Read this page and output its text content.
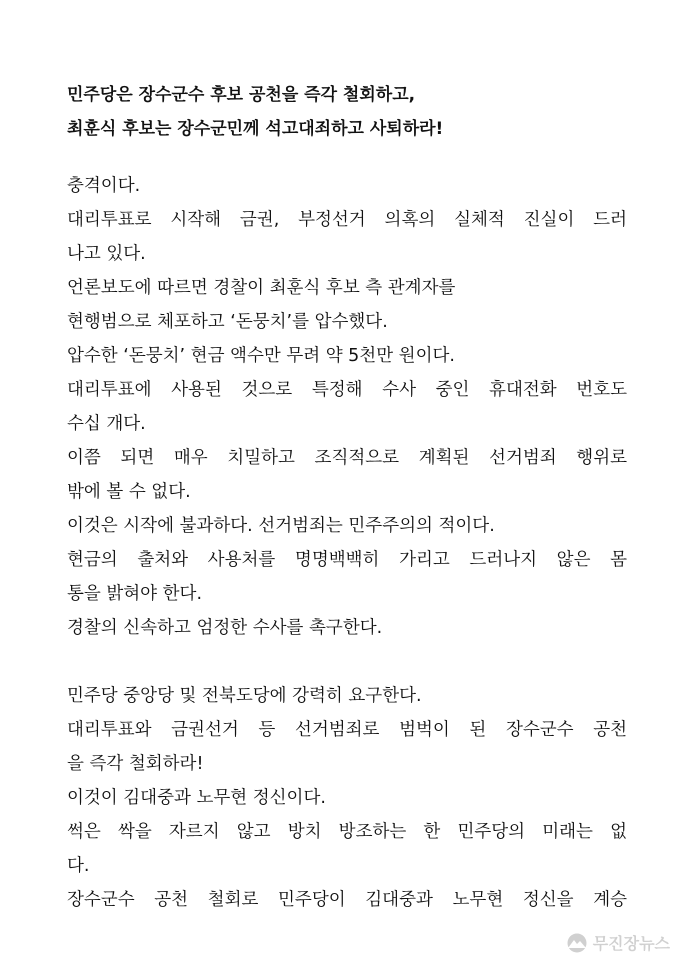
민주당은 장수군수 후보 공천을 즉각 철회하고,
최훈식 후보는 장수군민께 석고대죄하고 사퇴하라!
충격이다.
대리투표로 시작해 금권, 부정선거 의혹의 실체적 진실이 드러
나고 있다.
언론보도에 따르면 경찰이 최훈식 후보 측 관계자를
현행범으로 체포하고 ‘돈뭉치’를 압수했다.
압수한 ‘돈뭉치’ 현금 액수만 무려 약 5천만 원이다.
대리투표에 사용된 것으로 특정해 수사 중인 휴대전화 번호도
수십 개다.
이쯤 되면 매우 치밀하고 조직적으로 계획된 선거범죄 행위로
밖에 볼 수 없다.
이것은 시작에 불과하다. 선거범죄는 민주주의의 적이다.
현금의 출처와 사용처를 명명백백히 가리고 드러나지 않은 몸
통을 밝혀야 한다.
경찰의 신속하고 엄정한 수사를 촉구한다.
민주당 중앙당 및 전북도당에 강력히 요구한다.
대리투표와 금권선거 등 선거범죄로 범벅이 된 장수군수 공천
을 즉각 철회하라!
이것이 김대중과 노무현 정신이다.
썩은 싹을 자르지 않고 방치 방조하는 한 민주당의 미래는 없
다.
장수군수 공천 철회로 민주당이 김대중과 노무현 정신을 계승
무진장뉴스
